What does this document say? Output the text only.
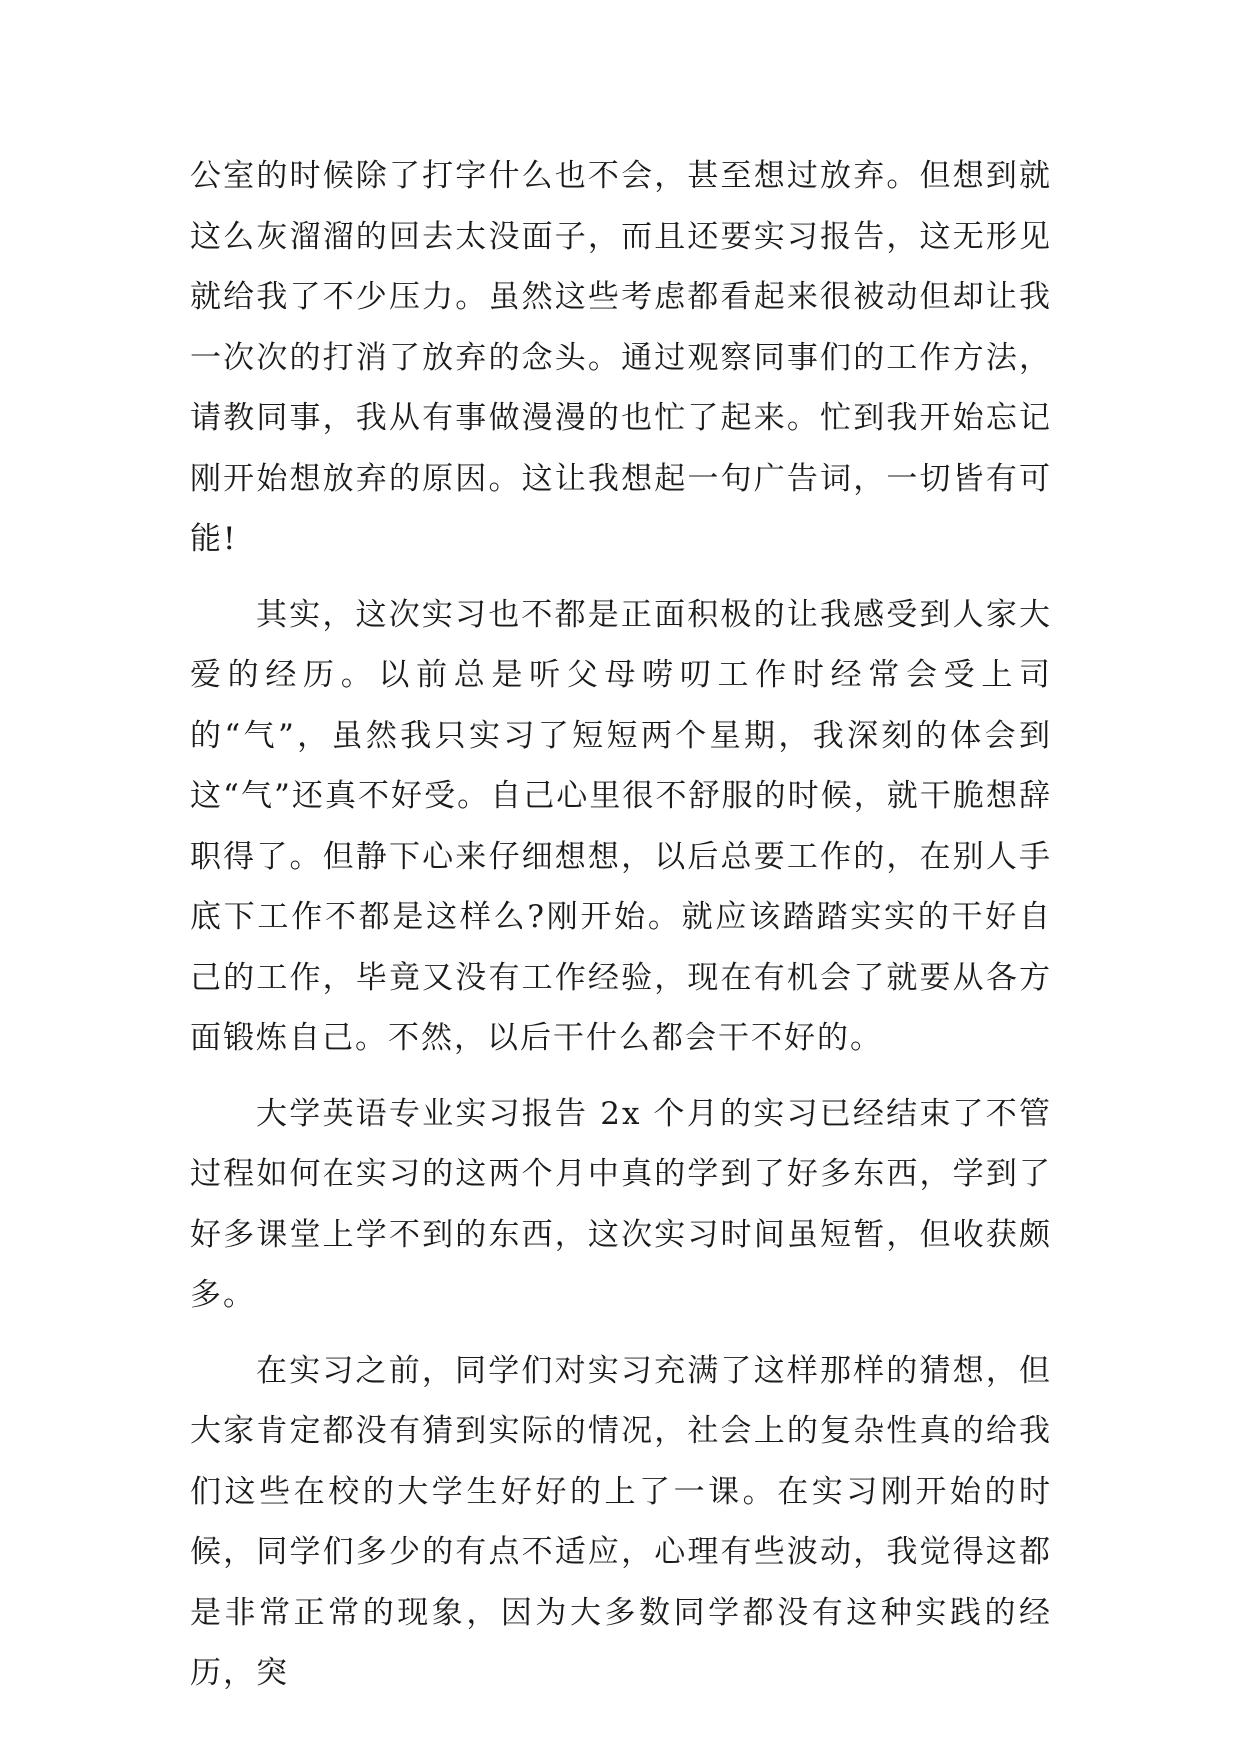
公室的时候除了打字什么也不会，甚至想过放弃。但想到就这么灰溜溜的回去太没面子，而且还要实习报告，这无形见就给我了不少压力。虽然这些考虑都看起来很被动但却让我一次次的打消了放弃的念头。通过观察同事们的工作方法，请教同事，我从有事做漫漫的也忙了起来。忙到我开始忘记刚开始想放弃的原因。这让我想起一句广告词，一切皆有可能!

其实，这次实习也不都是正面积极的让我感受到人家大爱的经历。以前总是听父母唠叨工作时经常会受上司的“气”，虽然我只实习了短短两个星期，我深刻的体会到这“气”还真不好受。自己心里很不舒服的时候，就干脆想辞职得了。但静下心来仔细想想，以后总要工作的，在别人手底下工作不都是这样么?刚开始。就应该踏踏实实的干好自己的工作，毕竟又没有工作经验，现在有机会了就要从各方面锻炼自己。不然，以后干什么都会干不好的。

大学英语专业实习报告 2x 个月的实习已经结束了不管过程如何在实习的这两个月中真的学到了好多东西，学到了好多课堂上学不到的东西，这次实习时间虽短暂，但收获颇多。

在实习之前，同学们对实习充满了这样那样的猜想，但大家肯定都没有猜到实际的情况，社会上的复杂性真的给我们这些在校的大学生好好的上了一课。在实习刚开始的时候，同学们多少的有点不适应，心理有些波动，我觉得这都是非常正常的现象，因为大多数同学都没有这种实践的经历，突
